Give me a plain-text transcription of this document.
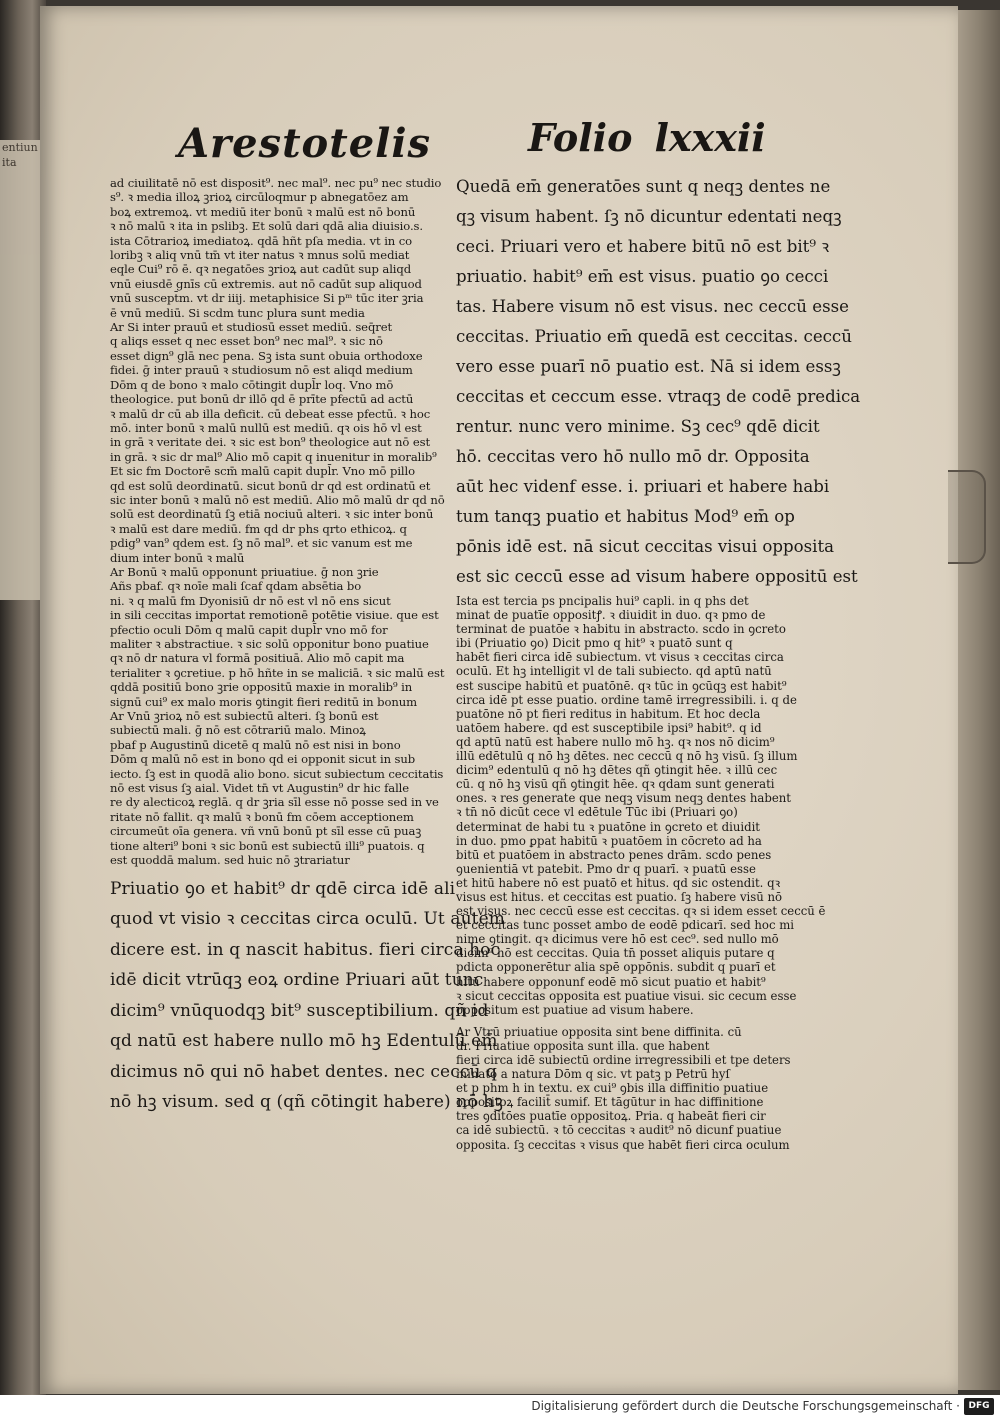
entiun
ita	Arestotelis	Folio lxxxii

ad ciuilitatē nō est disposit⁹. nec mal⁹. nec pu⁹ nec studio

s⁹. ꝛ media illoꝝ ꝫrioꝝ circūloqmur p abnegatōez am

boꝝ extremoꝝ. vt mediū iter bonū ꝛ malū est nō bonū

ꝛ nō malū ꝛ ita in pslibꝫ. Et solū dari qdā alia diuisio.s.

ista Cōtrarioꝝ imediatoꝝ. qdā hñt pſa media. vt in co

loribꝫ ꝛ aliq vnū tm̄ vt iter natus ꝛ mnus solū mediat

eqle Cui⁹ rō ē. qꝛ negatōes ꝫrioꝝ aut cadūt sup aliqd

vnū eiusdē gnīs cū extremis. aut nō cadūt sup aliquod

vnū suscept̄m. vt dr iiij. metaphisice Si pᵐ tūc iter ꝫria

ē vnū mediū. Si scdm tunc plura sunt media

Ar Si inter prauū et studiosū esset mediū. seq̄ret

q aliqs esset q nec esset bon⁹ nec mal⁹. ꝛ sic nō

esset dign⁹ glā nec pena. Sꝫ ista sunt obuia orthodoxe

fidei. ḡ inter prauū ꝛ studiosum nō est aliqd medium

Dōm q de bono ꝛ malo cōtingit dupl̄r loq. Vno mō

theologice. put bonū dr illō qd ē prīte pfectū ad actū

ꝛ malū dr cū ab illa deficit. cū debeat esse pfectū. ꝛ hoc

mō. inter bonū ꝛ malū nullū est mediū. qꝛ ois hō vl est

in grā ꝛ veritate dei. ꝛ sic est bon⁹ theologice aut nō est

in grā. ꝛ sic dr mal⁹ Alio mō capit q inuenitur in moralib⁹

Et sic fm Doctorē scm̄ malū capit dupl̄r. Vno mō pillo

qd est solū deordinatū. sicut bonū dr qd est ordinatū et

sic inter bonū ꝛ malū nō est mediū. Alio mō malū dr qd nō

solū est deordinatū ſꝫ etiā nociuū alteri. ꝛ sic inter bonū

ꝛ malū est dare mediū. fm qd dr phs qrto ethicoꝝ. q

pdig⁹ van⁹ qdem est. ſꝫ nō mal⁹. et sic vanum est me

dium inter bonū ꝛ malū

Ar Bonū ꝛ malū opponunt priuatiue. ḡ non ꝫrie

Añs pbaf. qꝛ noīe mali ſcaf qdam absētia bo

ni. ꝛ q malū fm Dyonisiū dr nō est vl nō ens sicut

in sili ceccitas importat remotionē potētie visiue. que est

pfectio oculi Dōm q malū capit dupl̄r vno mō for

maliter ꝛ abstractiue. ꝛ sic solū opponitur bono puatiue

qꝛ nō dr natura vl formā positiuā. Alio mō capit ma

terialiter ꝛ ꝯcretiue. p hō hñte in se maliciā. ꝛ sic malū est

qddā positiū bono ꝫrie oppositū maxie in moralib⁹ in

signū cui⁹ ex malo moris ꝯtingit fieri reditū in bonum

Ar Vnū ꝫrioꝝ nō est subiectū alteri. ſꝫ bonū est

subiectū mali. ḡ nō est cōtrariū malo. Minoꝝ

pbaf p Augustinū dicetē q malū nō est nisi in bono

Dōm q malū nō est in bono qd ei opponit sicut in sub

iecto. ſꝫ est in quodā alio bono. sicut subiectum ceccitatis

nō est visus ſꝫ aial. Videt tn̄ vt Augustin⁹ dr hic falle

re dy alecticoꝝ reglā. q dr ꝫria sīl esse nō posse sed in ve

ritate nō fallit. qꝛ malū ꝛ bonū fm cōem acceptionem

circumeūt oīa genera. vñ vnū bonū pt sīl esse cū puaꝫ

tione alteri⁹ boni ꝛ sic bonū est subiectū illi⁹ puatois. q

est quoddā malum. sed huic nō ꝫtrariatur

Priuatio ꝯo et habit⁹ dr qdē circa idē ali

quod vt visio ꝛ ceccitas circa oculū. Ut autem

dicere est. in q nascit habitus. fieri circa hoc

idē dicit vtrūqꝫ eoꝝ ordine Priuari aūt tunc

dicim⁹ vnūquodqꝫ bit⁹ susceptibilium. qñ id

qd natū est habere nullo mō hꝫ Edentulū em̄

dicimus nō qui nō habet dentes. nec ceccū q

nō hꝫ visum. sed q (qñ cōtingit habere) nō hꝫ

Quedā em̄ generatōes sunt q neqꝫ dentes ne

qꝫ visum habent. ſꝫ nō dicuntur edentati neqꝫ

ceci. Priuari vero et habere bitū nō est bit⁹ ꝛ

priuatio. habit⁹ em̄ est visus. puatio ꝯo cecci

tas. Habere visum nō est visus. nec ceccū esse

ceccitas. Priuatio em̄ quedā est ceccitas. ceccū

vero esse puarī nō puatio est. Nā si idem essꝫ

ceccitas et ceccum esse. vtraqꝫ de codē predica

rentur. nunc vero minime. Sꝫ cec⁹ qdē dicit

hō. ceccitas vero hō nullo mō dr. Opposita

aūt hec videnf esse. i. priuari et habere habi

tum tanqꝫ puatio et habitus Mod⁹ em̄ op

pōnis idē est. nā sicut ceccitas visui opposita

est sic ceccū esse ad visum habere oppositū est

Ista est tercia ps pncipalis hui⁹ capli. in q phs det

minat de puatīe oppositꝭ. ꝛ diuidit in duo. qꝛ pmo de

terminat de puatōe ꝛ habitu in abstracto. scdo in ꝯcreto

ibi (Priuatio ꝯo) Dicit pmo q hit⁹ ꝛ puatō sunt q

habēt fieri circa idē subiectum. vt visus ꝛ ceccitas circa

oculū. Et hꝫ intelligit vl de tali subiecto. qd aptū natū

est suscipe habitū et puatōnē. qꝛ tūc in ꝯcūqꝫ est habit⁹

circa idē pt esse puatio. ordine tamē irregressibili. i. q de

puatōne nō pt fieri reditus in habitum. Et hoc decla

uatōem habere. qd est susceptibile ipsi⁹ habit⁹. q id

qd aptū natū est habere nullo mō hꝫ. qꝛ nos nō dicim⁹

illū edētulū q nō hꝫ dētes. nec ceccū q nō hꝫ visū. ſꝫ illum

dicim⁹ edentulū q nō hꝫ dētes qñ ꝯtingit hēe. ꝛ illū cec

cū. q nō hꝫ visū qñ ꝯtingit hēe. qꝛ qdam sunt generati

ones. ꝛ res generate que neqꝫ visum neqꝫ dentes habent

ꝛ tn̄ nō dicūt cece vl edētule Tūc ibi (Priuari ꝯo)

determinat de habi tu ꝛ puatōne in ꝯcreto et diuidit

in duo. pmo ꝑpat habitū ꝛ puatōem in cōcreto ad ha

bitū et puatōem in abstracto penes drām. scdo penes

ꝯuenientiā vt patebit. Pmo dr q puarī. ꝛ puatū esse

et hitū habere nō est puatō et hitus. qd sic ostendit. qꝛ

visus est hitus. et ceccitas est puatio. ſꝫ habere visū nō

est visus. nec ceccū esse est ceccitas. qꝛ si idem esset ceccū ē

et ceccitas tunc posset ambo de eodē pdicarī. sed hoc mi

nime ꝯtingit. qꝛ dicimus vere hō est cec⁹. sed nullo mō

dicim⁹ hō est ceccitas. Quia tn̄ posset aliquis putare q

pdicta opponerētur alia spē oppōnis. subdit q puarī et

hitū habere opponunf eodē mō sicut puatio et habit⁹

ꝛ sicut ceccitas opposita est puatiue visui. sic cecum esse

oppositum est puatiue ad visum habere.

Ar Vtrū priuatiue opposita sint bene diffinita. cū

dr. Priuatiue opposita sunt illa. que habent

fieri circa idē subiectū ordine irregressibili et tpe deters

minato a natura Dōm q sic. vt patꝫ p Petrū hyſ

et p phm h in textu. ex cui⁹ ꝯbis illa diffinitio puatiue

oppositoꝝ facilit̄ sumif. Et tāgūtur in hac diffinitione

tres ꝯditōes puatīe oppositoꝝ. Pria. q habeāt fieri cir

ca idē subiectū. ꝛ tō ceccitas ꝛ audit⁹ nō dicunf puatiue

opposita. ſꝫ ceccitas ꝛ visus que habēt fieri circa oculum

Digitalisierung gefördert durch die Deutsche Forschungsgemeinschaft · DFG
